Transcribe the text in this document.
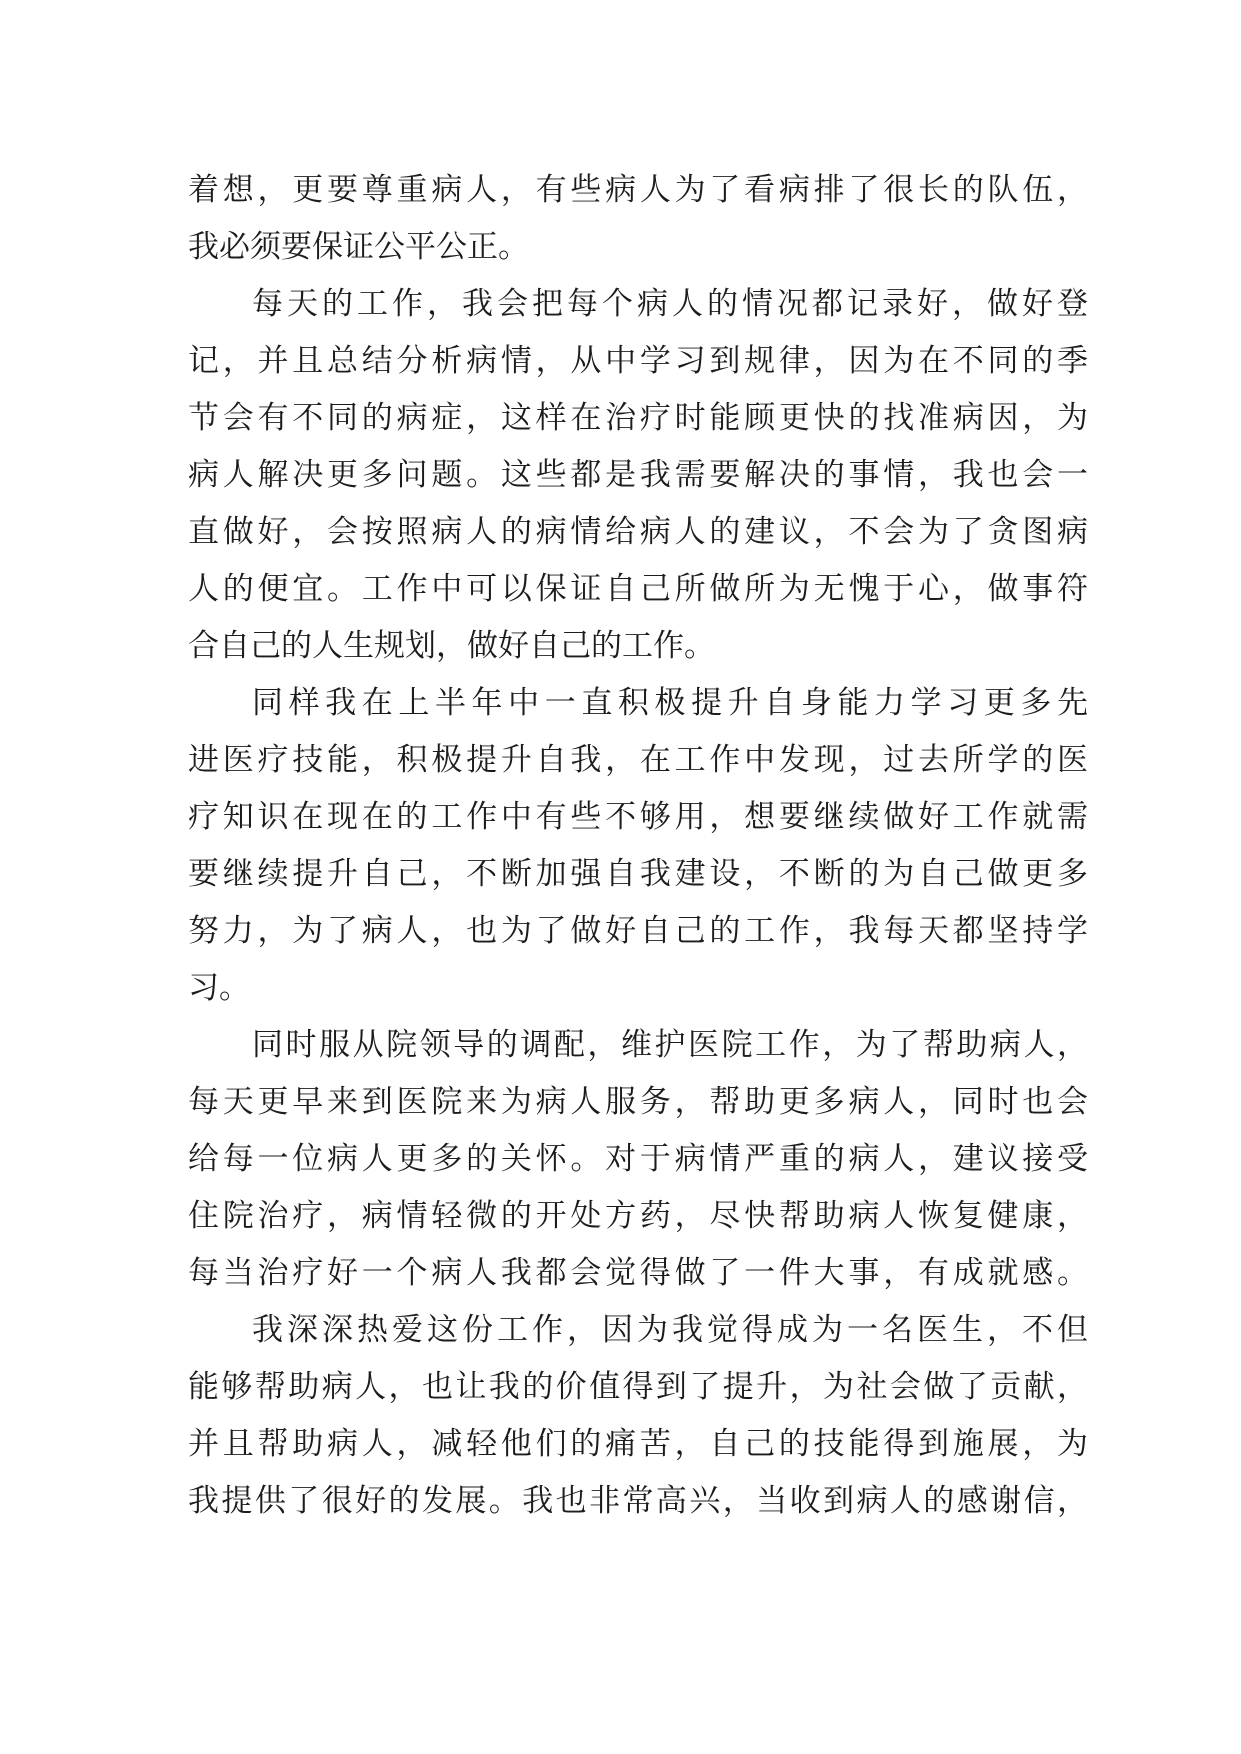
着想，更要尊重病人，有些病人为了看病排了很长的队伍，
我必须要保证公平公正。
每天的工作，我会把每个病人的情况都记录好，做好登
记，并且总结分析病情，从中学习到规律，因为在不同的季
节会有不同的病症，这样在治疗时能顾更快的找准病因，为
病人解决更多问题。这些都是我需要解决的事情，我也会一
直做好，会按照病人的病情给病人的建议，不会为了贪图病
人的便宜。工作中可以保证自己所做所为无愧于心，做事符
合自己的人生规划，做好自己的工作。
同样我在上半年中一直积极提升自身能力学习更多先
进医疗技能，积极提升自我，在工作中发现，过去所学的医
疗知识在现在的工作中有些不够用，想要继续做好工作就需
要继续提升自己，不断加强自我建设，不断的为自己做更多
努力，为了病人，也为了做好自己的工作，我每天都坚持学
习。
同时服从院领导的调配，维护医院工作，为了帮助病人，
每天更早来到医院来为病人服务，帮助更多病人，同时也会
给每一位病人更多的关怀。对于病情严重的病人，建议接受
住院治疗，病情轻微的开处方药，尽快帮助病人恢复健康，
每当治疗好一个病人我都会觉得做了一件大事，有成就感。
我深深热爱这份工作，因为我觉得成为一名医生，不但
能够帮助病人，也让我的价值得到了提升，为社会做了贡献，
并且帮助病人，减轻他们的痛苦，自己的技能得到施展，为
我提供了很好的发展。我也非常高兴，当收到病人的感谢信，
